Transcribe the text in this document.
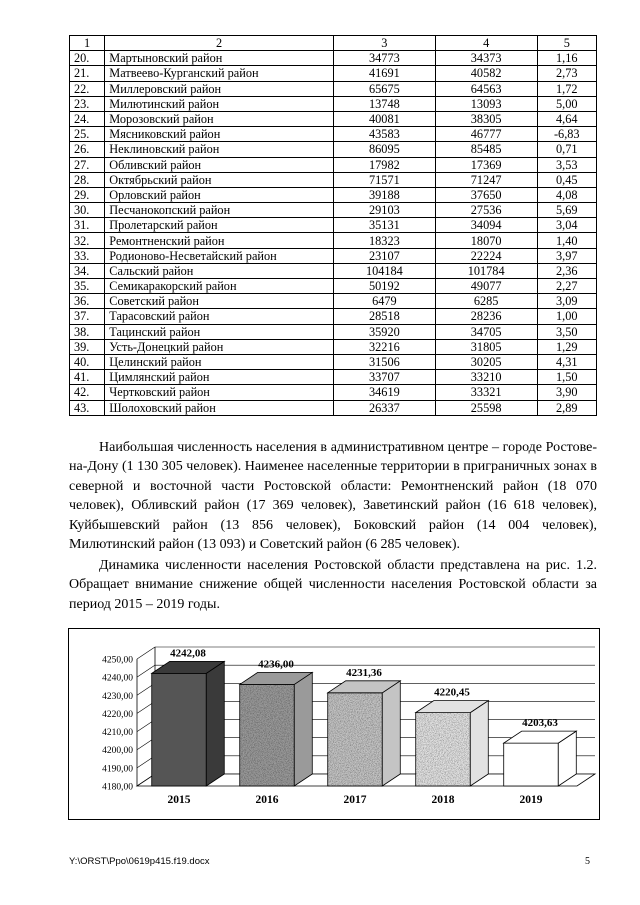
1	2	3	4	5
20.	Мартыновский район	34773	34373	1,16
21.	Матвеево-Курганский район	41691	40582	2,73
22.	Миллеровский район	65675	64563	1,72
23.	Милютинский район	13748	13093	5,00
24.	Морозовский район	40081	38305	4,64
25.	Мясниковский район	43583	46777	-6,83
26.	Неклиновский район	86095	85485	0,71
27.	Обливский район	17982	17369	3,53
28.	Октябрьский район	71571	71247	0,45
29.	Орловский район	39188	37650	4,08
30.	Песчанокопский район	29103	27536	5,69
31.	Пролетарский район	35131	34094	3,04
32.	Ремонтненский район	18323	18070	1,40
33.	Родионово-Несветайский район	23107	22224	3,97
34.	Сальский район	104184	101784	2,36
35.	Семикаракорский район	50192	49077	2,27
36.	Советский район	6479	6285	3,09
37.	Тарасовский район	28518	28236	1,00
38.	Тацинский район	35920	34705	3,50
39.	Усть-Донецкий район	32216	31805	1,29
40.	Целинский район	31506	30205	4,31
41.	Цимлянский район	33707	33210	1,50
42.	Чертковский район	34619	33321	3,90
43.	Шолоховский район	26337	25598	2,89

Наибольшая численность населения в административном центре – городе Ростове-на-Дону (1 130 305 человек). Наименее населенные территории в приграничных зонах в северной и восточной части Ростовской области: Ремонтненский район (18 070 человек), Обливский район (17 369 человек), Заветинский район (16 618 человек), Куйбышевский район (13 856 человек), Боковский район (14 004 человек), Милютинский район (13 093) и Советский район (6 285 человек).

Динамика численности населения Ростовской области представлена на рис. 1.2. Обращает внимание снижение общей численности населения Ростовской области за период 2015 – 2019 годы.

4180,00
4190,00
4200,00
4210,00
4220,00
4230,00
4240,00
4250,00
4242,08
2015
4236,00
2016
4231,36
2017
4220,45
2018
4203,63
2019
Y:\ORST\Ppo\0619p415.f19.docx	5
